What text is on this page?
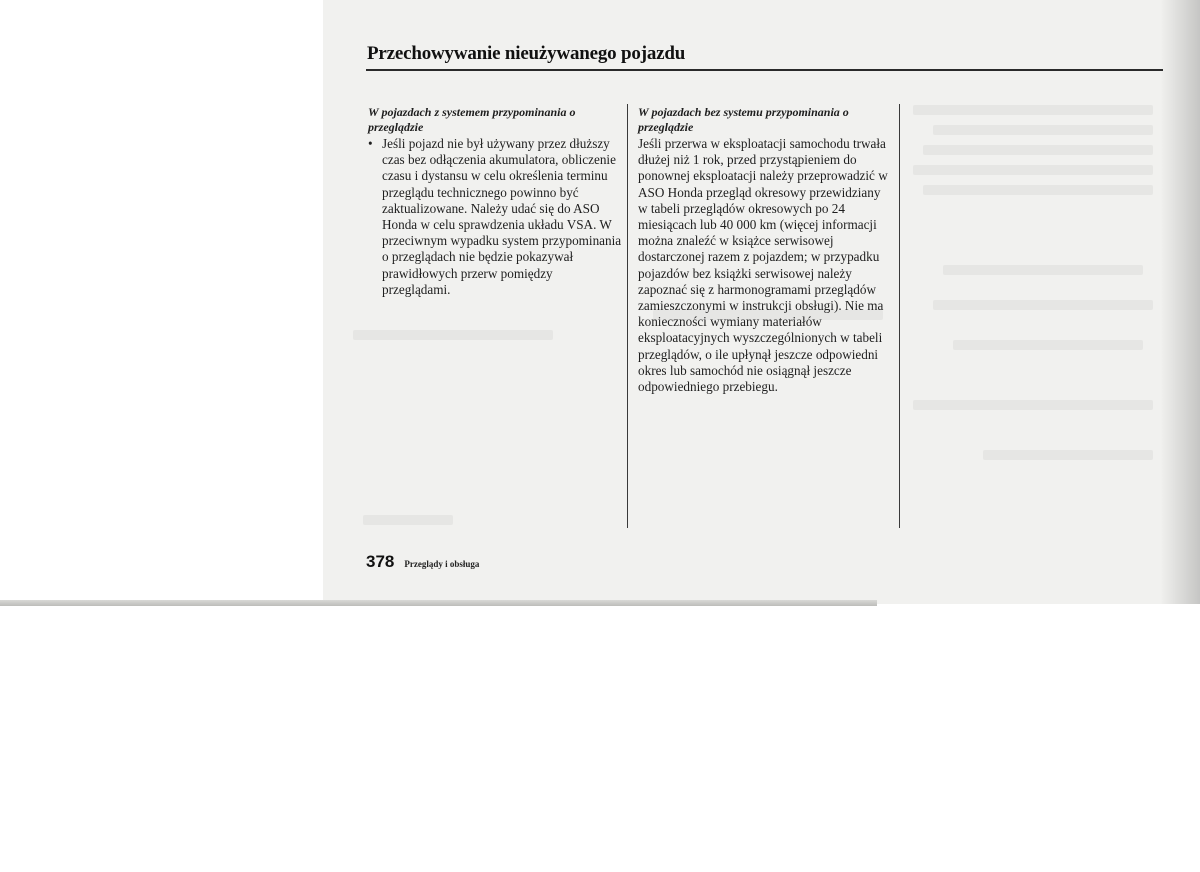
Przechowywanie nieużywanego pojazdu
W pojazdach z systemem przypominania o przeglądzie
• Jeśli pojazd nie był używany przez dłuższy czas bez odłączenia akumulatora, obliczenie czasu i dystansu w celu określenia terminu przeglądu technicznego powinno być zaktualizowane. Należy udać się do ASO Honda w celu sprawdzenia układu VSA. W przeciwnym wypadku system przypominania o przeglądach nie będzie pokazywał prawidłowych przerw pomiędzy przeglądami.
W pojazdach bez systemu przypominania o przeglądzie
Jeśli przerwa w eksploatacji samochodu trwała dłużej niż 1 rok, przed przystąpieniem do ponownej eksploatacji należy przeprowadzić w ASO Honda przegląd okresowy przewidziany w tabeli przeglądów okresowych po 24 miesiącach lub 40 000 km (więcej informacji można znaleźć w książce serwisowej dostarczonej razem z pojazdem; w przypadku pojazdów bez książki serwisowej należy zapoznać się z harmonogramami przeglądów zamieszczonymi w instrukcji obsługi). Nie ma konieczności wymiany materiałów eksploatacyjnych wyszczególnionych w tabeli przeglądów, o ile upłynął jeszcze odpowiedni okres lub samochód nie osiągnął jeszcze odpowiedniego przebiegu.
378 Przeglądy i obsługa
